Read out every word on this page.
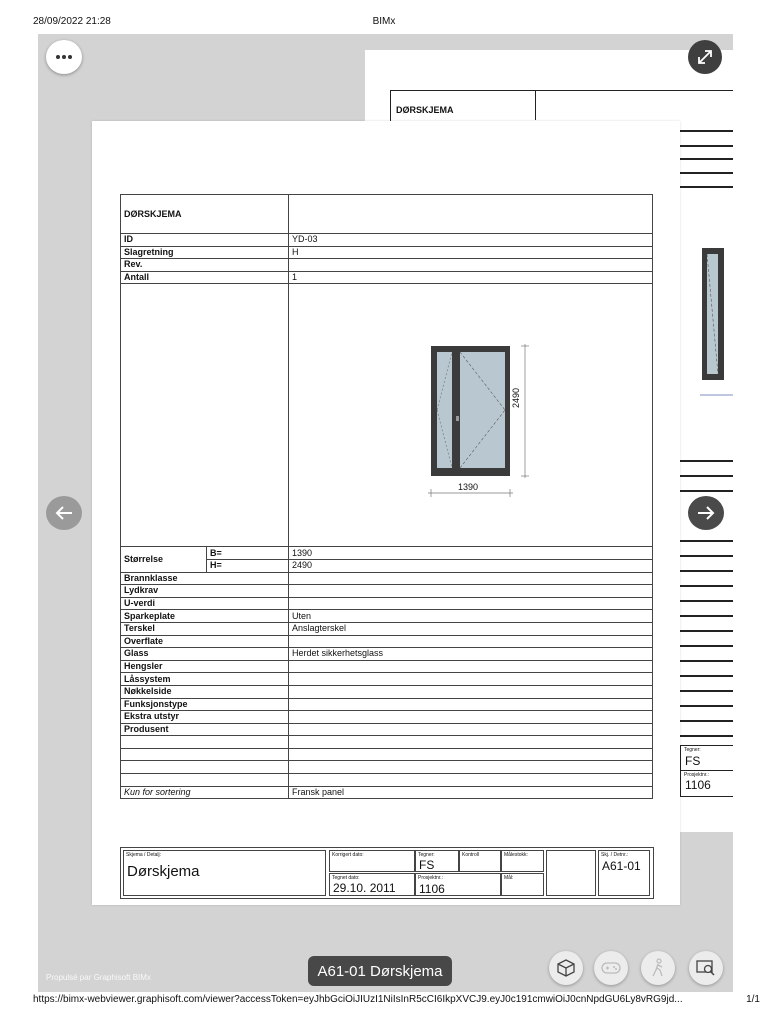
28/09/2022 21:28	BIMx
DØRSKJEMA
Tegner:
FS
Prosjektnr.:
1106
DØRSKJEMA		
ID		YD-03
Slagretning		H
Rev.		
Antall		1

		1390
2490

Størrelse	B=	1390
	H=	2490
Brannklasse		
Lydkrav		
U-verdi		
Sparkeplate		Uten
Terskel		Anslagterskel
Overflate		
Glass		Herdet sikkerhetsglass
Hengsler		
Låssystem		
Nøkkelside		
Funksjonstype		
Ekstra utstyr		
Produsent		

Kun for sortering		Fransk panel
Skjema / Detalj:
Dørskjema
Korrigert dato:
Tegnet dato:
29.10. 2011
Tegner:
FS
Kontroll
Prosjektnr.:
1106
Målestokk:
Mål:
Skj. / Detnr.:
A61-01
Propulsé par Graphisoft BIMx	A61-01 Dørskjema
https://bimx-webviewer.graphisoft.com/viewer?accessToken=eyJhbGciOiJIUzI1NiIsInR5cCI6IkpXVCJ9.eyJ0c191cmwiOiJ0cnNpdGU6Ly8vRG9jd...	1/1
